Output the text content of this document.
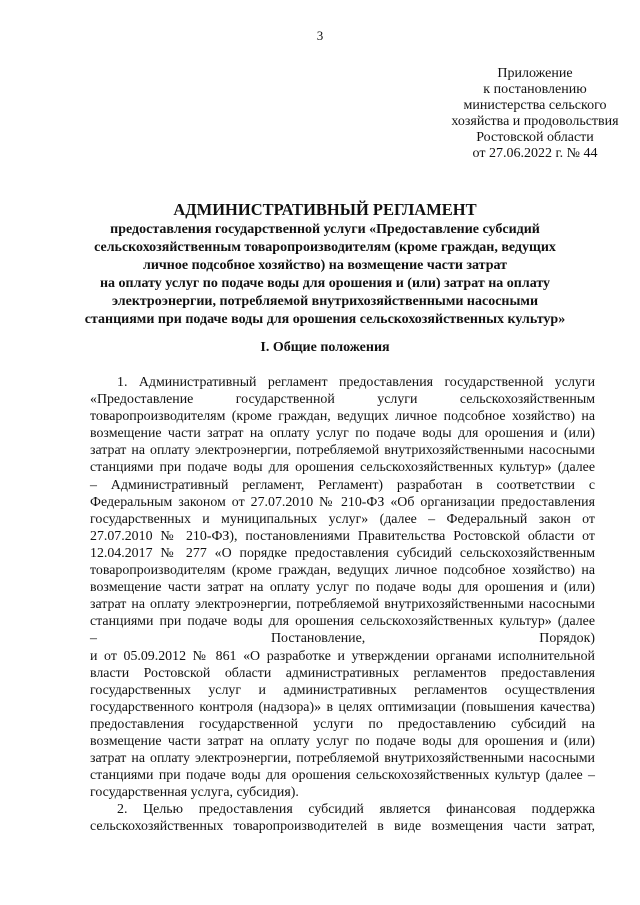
3
Приложение
к постановлению
министерства сельского
хозяйства и продовольствия
Ростовской области
от 27.06.2022 г. № 44
АДМИНИСТРАТИВНЫЙ РЕГЛАМЕНТ
предоставления государственной услуги «Предоставление субсидий
сельскохозяйственным товаропроизводителям (кроме граждан, ведущих
личное подсобное хозяйство) на возмещение части затрат
на оплату услуг по подаче воды для орошения и (или) затрат на оплату
электроэнергии, потребляемой внутрихозяйственными насосными
станциями при подаче воды для орошения сельскохозяйственных культур»
I. Общие положения
1. Административный регламент предоставления государственной услуги
«Предоставление государственной услуги сельскохозяйственным
товаропроизводителям (кроме граждан, ведущих личное подсобное хозяйство) на
возмещение части затрат на оплату услуг по подаче воды для орошения и (или)
затрат на оплату электроэнергии, потребляемой внутрихозяйственными насосными
станциями при подаче воды для орошения сельскохозяйственных культур» (далее
– Административный регламент, Регламент) разработан в соответствии с
Федеральным законом от 27.07.2010 № 210-ФЗ «Об организации предоставления
государственных и муниципальных услуг» (далее – Федеральный закон от
27.07.2010 № 210-ФЗ), постановлениями Правительства Ростовской области от
12.04.2017 № 277 «О порядке предоставления субсидий сельскохозяйственным
товаропроизводителям (кроме граждан, ведущих личное подсобное хозяйство) на
возмещение части затрат на оплату услуг по подаче воды для орошения и (или)
затрат на оплату электроэнергии, потребляемой внутрихозяйственными насосными
станциями при подаче воды для орошения сельскохозяйственных культур» (далее
– Постановление, Порядок)
и от 05.09.2012 № 861 «О разработке и утверждении органами исполнительной
власти Ростовской области административных регламентов предоставления
государственных услуг и административных регламентов осуществления
государственного контроля (надзора)» в целях оптимизации (повышения качества)
предоставления государственной услуги по предоставлению субсидий на
возмещение части затрат на оплату услуг по подаче воды для орошения и (или)
затрат на оплату электроэнергии, потребляемой внутрихозяйственными насосными
станциями при подаче воды для орошения сельскохозяйственных культур (далее –
государственная услуга, субсидия).
2. Целью предоставления субсидий является финансовая поддержка
сельскохозяйственных товаропроизводителей в виде возмещения части затрат,
